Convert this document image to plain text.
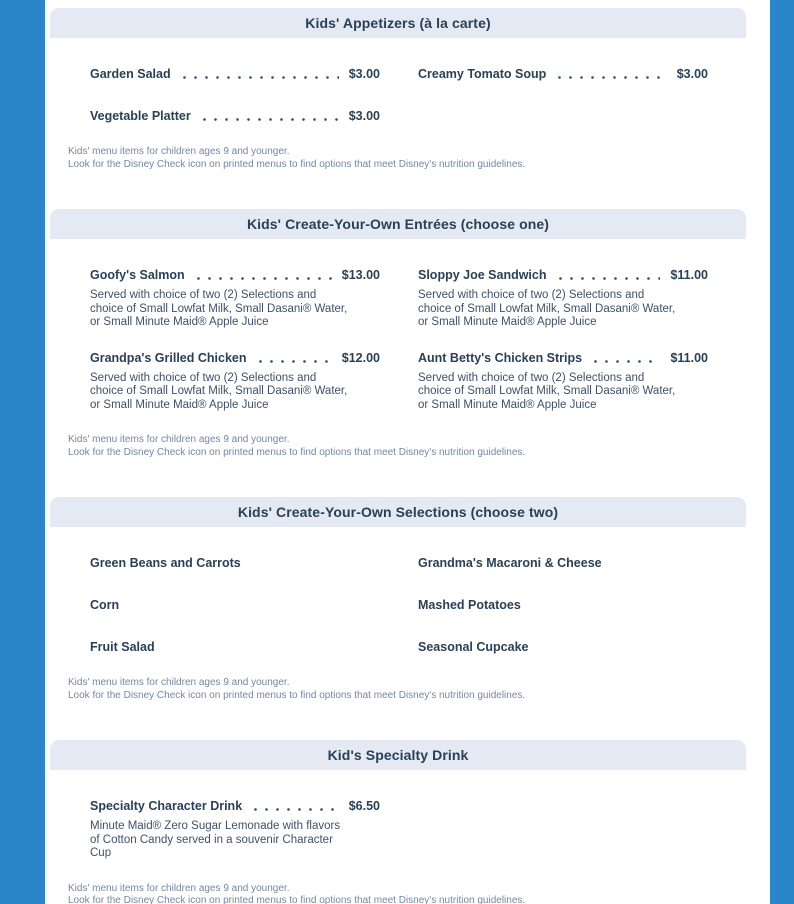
Kids' Appetizers (à la carte)
Garden Salad	$3.00	Creamy Tomato Soup	$3.00
Vegetable Platter	$3.00
Kids' menu items for children ages 9 and younger.
Look for the Disney Check icon on printed menus to find options that meet Disney's nutrition guidelines.
Kids' Create-Your-Own Entrées (choose one)
Goofy's Salmon	$13.00
Served with choice of two (2) Selections and
choice of Small Lowfat Milk, Small Dasani® Water,
or Small Minute Maid® Apple Juice
Sloppy Joe Sandwich	$11.00
Served with choice of two (2) Selections and
choice of Small Lowfat Milk, Small Dasani® Water,
or Small Minute Maid® Apple Juice
Grandpa's Grilled Chicken	$12.00
Served with choice of two (2) Selections and
choice of Small Lowfat Milk, Small Dasani® Water,
or Small Minute Maid® Apple Juice
Aunt Betty's Chicken Strips	$11.00
Served with choice of two (2) Selections and
choice of Small Lowfat Milk, Small Dasani® Water,
or Small Minute Maid® Apple Juice
Kids' menu items for children ages 9 and younger.
Look for the Disney Check icon on printed menus to find options that meet Disney's nutrition guidelines.
Kids' Create-Your-Own Selections (choose two)
Green Beans and Carrots	Grandma's Macaroni & Cheese
Corn	Mashed Potatoes
Fruit Salad	Seasonal Cupcake
Kids' menu items for children ages 9 and younger.
Look for the Disney Check icon on printed menus to find options that meet Disney's nutrition guidelines.
Kid's Specialty Drink
Specialty Character Drink	$6.50
Minute Maid® Zero Sugar Lemonade with flavors
of Cotton Candy served in a souvenir Character
Cup
Kids' menu items for children ages 9 and younger.
Look for the Disney Check icon on printed menus to find options that meet Disney's nutrition guidelines.
